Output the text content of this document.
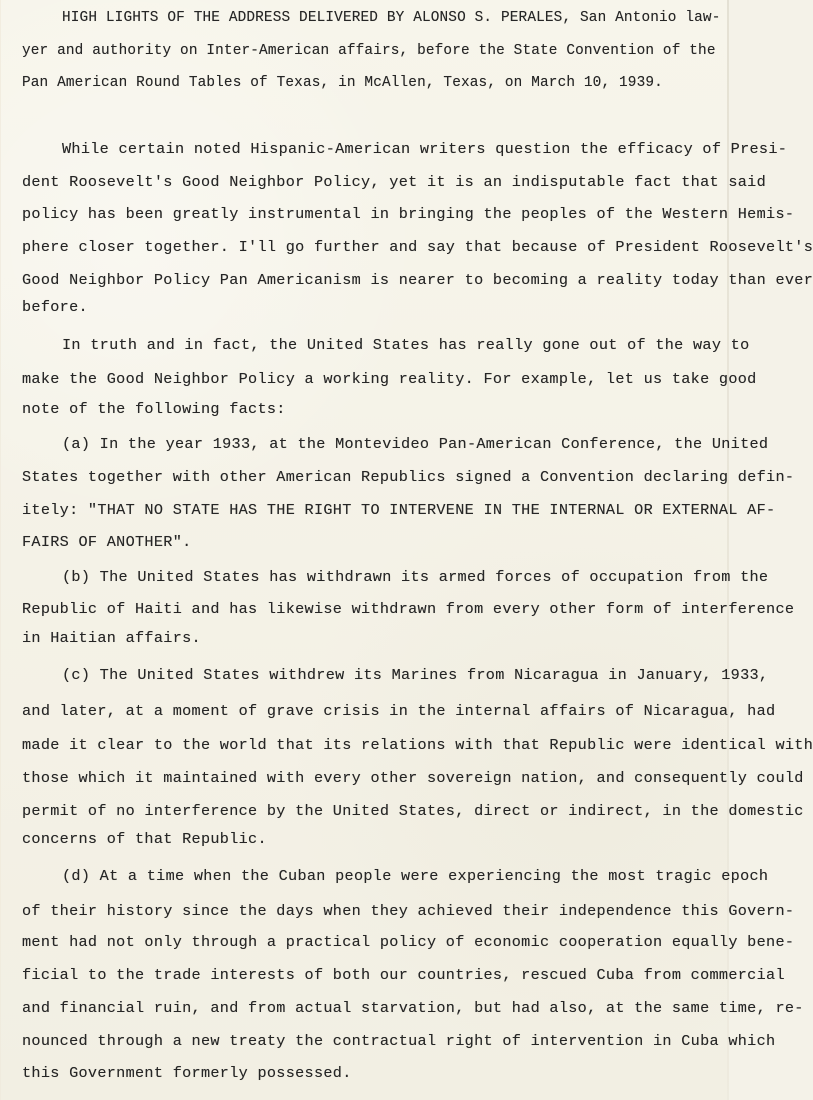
HIGH LIGHTS OF THE ADDRESS DELIVERED BY ALONSO S. PERALES, San Antonio law-
yer and authority on Inter-American affairs, before the State Convention of the
Pan American Round Tables of Texas, in McAllen, Texas, on March 10, 1939.
While certain noted Hispanic-American writers question the efficacy of Presi-
dent Roosevelt's Good Neighbor Policy, yet it is an indisputable fact that said
policy has been greatly instrumental in bringing the peoples of the Western Hemis-
phere closer together. I'll go further and say that because of President Roosevelt's
Good Neighbor Policy Pan Americanism is nearer to becoming a reality today than ever
before.
In truth and in fact, the United States has really gone out of the way to
make the Good Neighbor Policy a working reality. For example, let us take good
note of the following facts:
(a) In the year 1933, at the Montevideo Pan-American Conference, the United
States together with other American Republics signed a Convention declaring defin-
itely: "THAT NO STATE HAS THE RIGHT TO INTERVENE IN THE INTERNAL OR EXTERNAL AF-
FAIRS OF ANOTHER".
(b) The United States has withdrawn its armed forces of occupation from the
Republic of Haiti and has likewise withdrawn from every other form of interference
in Haitian affairs.
(c) The United States withdrew its Marines from Nicaragua in January, 1933,
and later, at a moment of grave crisis in the internal affairs of Nicaragua, had
made it clear to the world that its relations with that Republic were identical with
those which it maintained with every other sovereign nation, and consequently could
permit of no interference by the United States, direct or indirect, in the domestic
concerns of that Republic.
(d) At a time when the Cuban people were experiencing the most tragic epoch
of their history since the days when they achieved their independence this Govern-
ment had not only through a practical policy of economic cooperation equally bene-
ficial to the trade interests of both our countries, rescued Cuba from commercial
and financial ruin, and from actual starvation, but had also, at the same time, re-
nounced through a new treaty the contractual right of intervention in Cuba which
this Government formerly possessed.
